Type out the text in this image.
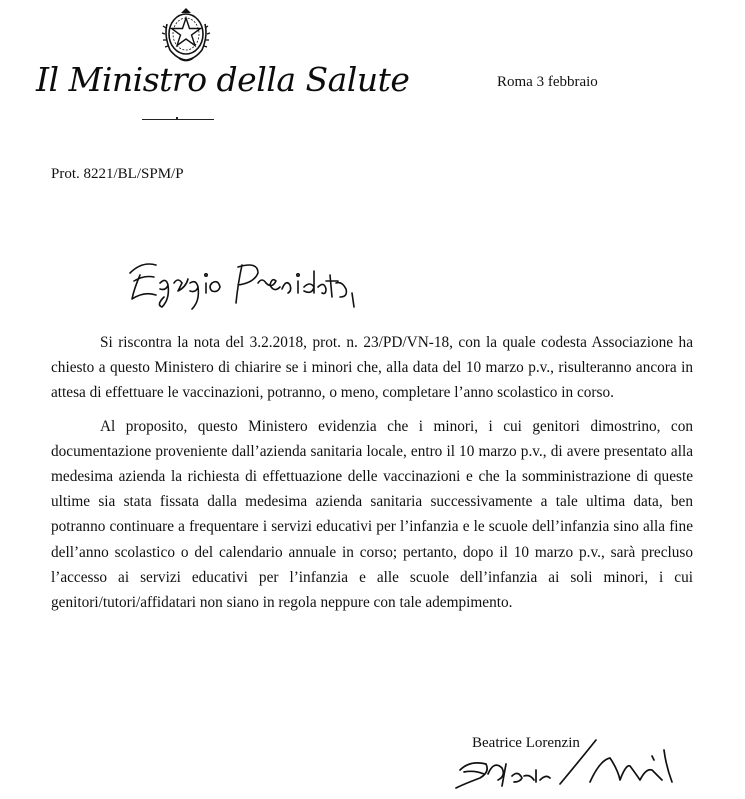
Il Ministro della Salute	Roma 3 febbraio
Prot. 8221/BL/SPM/P

Si riscontra la nota del 3.2.2018, prot. n. 23/PD/VN-18, con la quale codesta Associazione ha chiesto a questo Ministero di chiarire se i minori che, alla data del 10 marzo p.v., risulteranno ancora in attesa di effettuare le vaccinazioni, potranno, o meno, completare l’anno scolastico in corso.

Al proposito, questo Ministero evidenzia che i minori, i cui genitori dimostrino, con documentazione proveniente dall’azienda sanitaria locale, entro il 10 marzo p.v., di avere presentato alla medesima azienda la richiesta di effettuazione delle vaccinazioni e che la somministrazione di queste ultime sia stata fissata dalla medesima azienda sanitaria successivamente a tale ultima data, ben potranno continuare a frequentare i servizi educativi per l’infanzia e le scuole dell’infanzia sino alla fine dell’anno scolastico o del calendario annuale in corso; pertanto, dopo il 10 marzo p.v., sarà precluso l’accesso ai servizi educativi per l’infanzia e alle scuole dell’infanzia ai soli minori, i cui genitori/tutori/affidatari non siano in regola neppure con tale adempimento.

Beatrice Lorenzin
